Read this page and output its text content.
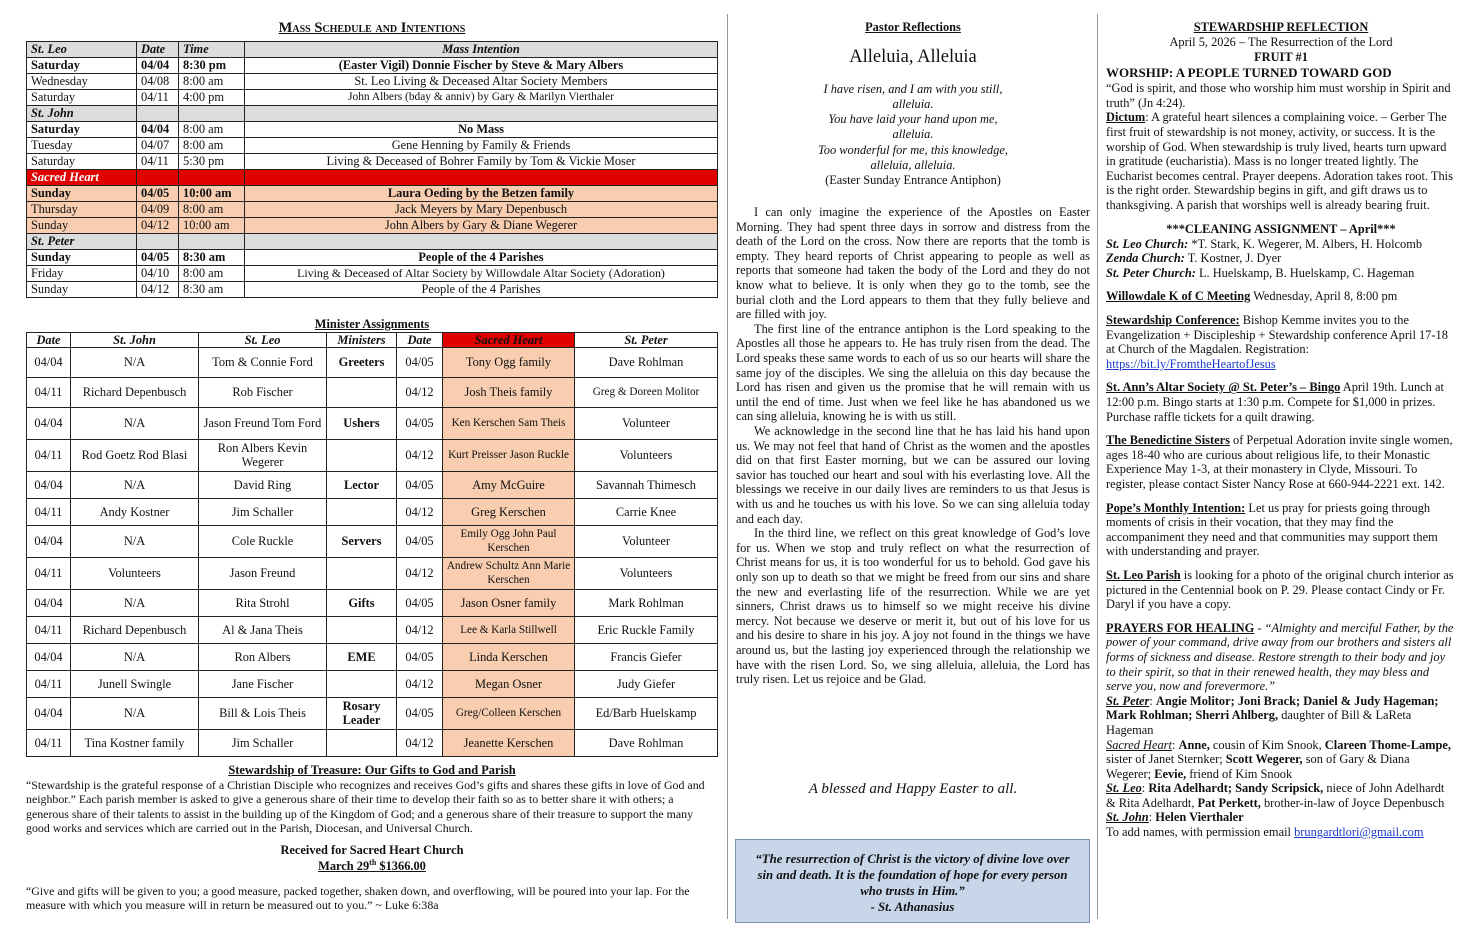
Mass Schedule and Intentions
St. Leo	Date	Time	Mass Intention
Saturday	04/04	8:30 pm	(Easter Vigil) Donnie Fischer by Steve & Mary Albers
Wednesday	04/08	8:00 am	St. Leo Living & Deceased Altar Society Members
Saturday	04/11	4:00 pm	John Albers (bday & anniv) by Gary & Marilyn Vierthaler
St. John			
Saturday	04/04	8:00 am	No Mass
Tuesday	04/07	8:00 am	Gene Henning by Family & Friends
Saturday	04/11	5:30 pm	Living & Deceased of Bohrer Family by Tom & Vickie Moser
Sacred Heart			
Sunday	04/05	10:00 am	Laura Oeding by the Betzen family
Thursday	04/09	8:00 am	Jack Meyers by Mary Depenbusch
Sunday	04/12	10:00 am	John Albers by Gary & Diane Wegerer
St. Peter			
Sunday	04/05	8:30 am	People of the 4 Parishes
Friday	04/10	8:00 am	Living & Deceased of Altar Society by Willowdale Altar Society (Adoration)
Sunday	04/12	8:30 am	People of the 4 Parishes
Minister Assignments
Date	St. John	St. Leo	Ministers	Date	Sacred Heart	St. Peter
04/04	N/A	Tom & Connie Ford	Greeters	04/05	Tony Ogg family	Dave Rohlman
04/11	Richard Depenbusch	Rob Fischer		04/12	Josh Theis family	Greg & Doreen Molitor
04/04	N/A	Jason Freund Tom Ford	Ushers	04/05	Ken Kerschen Sam Theis	Volunteer
04/11	Rod Goetz Rod Blasi	Ron Albers Kevin Wegerer		04/12	Kurt Preisser Jason Ruckle	Volunteers
04/04	N/A	David Ring	Lector	04/05	Amy McGuire	Savannah Thimesch
04/11	Andy Kostner	Jim Schaller		04/12	Greg Kerschen	Carrie Knee
04/04	N/A	Cole Ruckle	Servers	04/05	Emily Ogg John Paul Kerschen	Volunteer
04/11	Volunteers	Jason Freund		04/12	Andrew Schultz Ann Marie Kerschen	Volunteers
04/04	N/A	Rita Strohl	Gifts	04/05	Jason Osner family	Mark Rohlman
04/11	Richard Depenbusch	Al & Jana Theis		04/12	Lee & Karla Stillwell	Eric Ruckle Family
04/04	N/A	Ron Albers	EME	04/05	Linda Kerschen	Francis Giefer
04/11	Junell Swingle	Jane Fischer		04/12	Megan Osner	Judy Giefer
04/04	N/A	Bill & Lois Theis	Rosary Leader	04/05	Greg/Colleen Kerschen	Ed/Barb Huelskamp
04/11	Tina Kostner family	Jim Schaller		04/12	Jeanette Kerschen	Dave Rohlman
Stewardship of Treasure: Our Gifts to God and Parish
“Stewardship is the grateful response of a Christian Disciple who recognizes and receives God’s gifts and shares these gifts in love of God and neighbor.” Each parish member is asked to give a generous share of their time to develop their faith so as to better share it with others; a generous share of their talents to assist in the building up of the Kingdom of God; and a generous share of their treasure to support the many good works and services which are carried out in the Parish, Diocesan, and Universal Church.
Received for Sacred Heart Church
March 29th $1366.00
“Give and gifts will be given to you; a good measure, packed together, shaken down, and overflowing, will be poured into your lap. For the measure with which you measure will in return be measured out to you.” ~ Luke 6:38a
Pastor Reflections
Alleluia, Alleluia
I have risen, and I am with you still,
alleluia.
You have laid your hand upon me,
alleluia.
Too wonderful for me, this knowledge,
alleluia, alleluia.
(Easter Sunday Entrance Antiphon)
I can only imagine the experience of the Apostles on Easter Morning. They had spent three days in sorrow and distress from the death of the Lord on the cross. Now there are reports that the tomb is empty. They heard reports of Christ appearing to people as well as reports that someone had taken the body of the Lord and they do not know what to believe. It is only when they go to the tomb, see the burial cloth and the Lord appears to them that they fully believe and are filled with joy.
The first line of the entrance antiphon is the Lord speaking to the Apostles all those he appears to. He has truly risen from the dead. The Lord speaks these same words to each of us so our hearts will share the same joy of the disciples. We sing the alleluia on this day because the Lord has risen and given us the promise that he will remain with us until the end of time. Just when we feel like he has abandoned us we can sing alleluia, knowing he is with us still.
We acknowledge in the second line that he has laid his hand upon us. We may not feel that hand of Christ as the women and the apostles did on that first Easter morning, but we can be assured our loving savior has touched our heart and soul with his everlasting love. All the blessings we receive in our daily lives are reminders to us that Jesus is with us and he touches us with his love. So we can sing alleluia today and each day.
In the third line, we reflect on this great knowledge of God’s love for us. When we stop and truly reflect on what the resurrection of Christ means for us, it is too wonderful for us to behold. God gave his only son up to death so that we might be freed from our sins and share the new and everlasting life of the resurrection. While we are yet sinners, Christ draws us to himself so we might receive his divine mercy. Not because we deserve or merit it, but out of his love for us and his desire to share in his joy. A joy not found in the things we have around us, but the lasting joy experienced through the relationship we have with the risen Lord. So, we sing alleluia, alleluia, the Lord has truly risen. Let us rejoice and be Glad.
A blessed and Happy Easter to all.
“The resurrection of Christ is the victory of divine love over sin and death. It is the foundation of hope for every person who trusts in Him.”
- St. Athanasius
STEWARDSHIP REFLECTION
April 5, 2026 – The Resurrection of the Lord
FRUIT #1
WORSHIP: A PEOPLE TURNED TOWARD GOD
“God is spirit, and those who worship him must worship in Spirit and truth” (Jn 4:24).
Dictum: A grateful heart silences a complaining voice. – Gerber The first fruit of stewardship is not money, activity, or success. It is the worship of God. When stewardship is truly lived, hearts turn upward in gratitude (eucharistia). Mass is no longer treated lightly. The Eucharist becomes central. Prayer deepens. Adoration takes root. This is the right order. Stewardship begins in gift, and gift draws us to thanksgiving. A parish that worships well is already bearing fruit.
***CLEANING ASSIGNMENT – April***
St. Leo Church: *T. Stark, K. Wegerer, M. Albers, H. Holcomb
Zenda Church: T. Kostner, J. Dyer
St. Peter Church: L. Huelskamp, B. Huelskamp, C. Hageman
Willowdale K of C Meeting Wednesday, April 8, 8:00 pm
Stewardship Conference: Bishop Kemme invites you to the Evangelization + Discipleship + Stewardship conference April 17-18 at Church of the Magdalen. Registration:
https://bit.ly/FromtheHeartofJesus
St. Ann’s Altar Society @ St. Peter’s – Bingo April 19th. Lunch at 12:00 p.m. Bingo starts at 1:30 p.m. Compete for $1,000 in prizes. Purchase raffle tickets for a quilt drawing.
The Benedictine Sisters of Perpetual Adoration invite single women, ages 18-40 who are curious about religious life, to their Monastic Experience May 1-3, at their monastery in Clyde, Missouri. To register, please contact Sister Nancy Rose at 660-944-2221 ext. 142.
Pope’s Monthly Intention: Let us pray for priests going through moments of crisis in their vocation, that they may find the accompaniment they need and that communities may support them with understanding and prayer.
St. Leo Parish is looking for a photo of the original church interior as pictured in the Centennial book on P. 29. Please contact Cindy or Fr. Daryl if you have a copy.
PRAYERS FOR HEALING - “Almighty and merciful Father, by the power of your command, drive away from our brothers and sisters all forms of sickness and disease. Restore strength to their body and joy to their spirit, so that in their renewed health, they may bless and serve you, now and forevermore.”
St. Peter: Angie Molitor; Joni Brack; Daniel & Judy Hageman; Mark Rohlman; Sherri Ahlberg, daughter of Bill & LaReta Hageman
Sacred Heart: Anne, cousin of Kim Snook, Clareen Thome-Lampe, sister of Janet Sternker; Scott Wegerer, son of Gary & Diana Wegerer; Eevie, friend of Kim Snook
St. Leo: Rita Adelhardt; Sandy Scripsick, niece of John Adelhardt & Rita Adelhardt, Pat Perkett, brother-in-law of Joyce Depenbusch
St. John: Helen Vierthaler
To add names, with permission email brungardtlori@gmail.com
